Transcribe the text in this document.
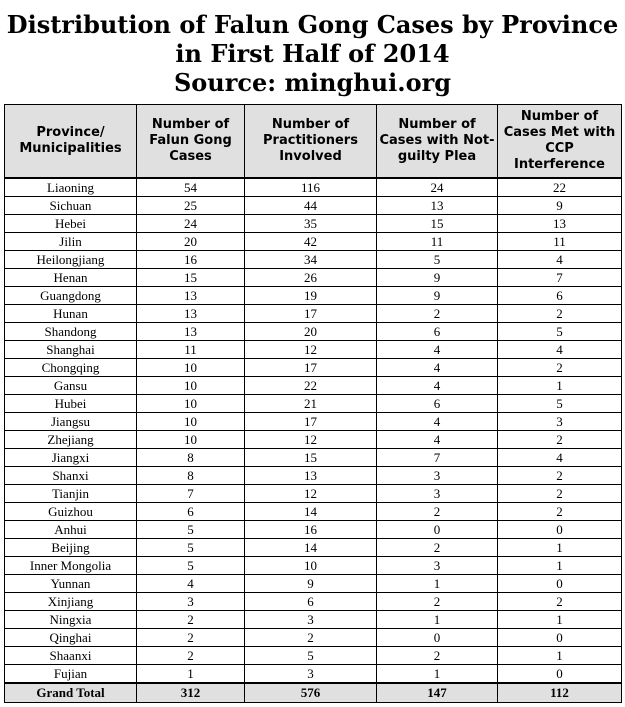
Distribution of Falun Gong Cases by Province
in First Half of 2014
Source: minghui.org
Province/ Municipalities	Number of Falun Gong Cases	Number of Practitioners Involved	Number of Cases with Not-guilty Plea	Number of Cases Met with CCP Interference
Liaoning	54	116	24	22
Sichuan	25	44	13	9
Hebei	24	35	15	13
Jilin	20	42	11	11
Heilongjiang	16	34	5	4
Henan	15	26	9	7
Guangdong	13	19	9	6
Hunan	13	17	2	2
Shandong	13	20	6	5
Shanghai	11	12	4	4
Chongqing	10	17	4	2
Gansu	10	22	4	1
Hubei	10	21	6	5
Jiangsu	10	17	4	3
Zhejiang	10	12	4	2
Jiangxi	8	15	7	4
Shanxi	8	13	3	2
Tianjin	7	12	3	2
Guizhou	6	14	2	2
Anhui	5	16	0	0
Beijing	5	14	2	1
Inner Mongolia	5	10	3	1
Yunnan	4	9	1	0
Xinjiang	3	6	2	2
Ningxia	2	3	1	1
Qinghai	2	2	0	0
Shaanxi	2	5	2	1
Fujian	1	3	1	0
Grand Total	312	576	147	112
